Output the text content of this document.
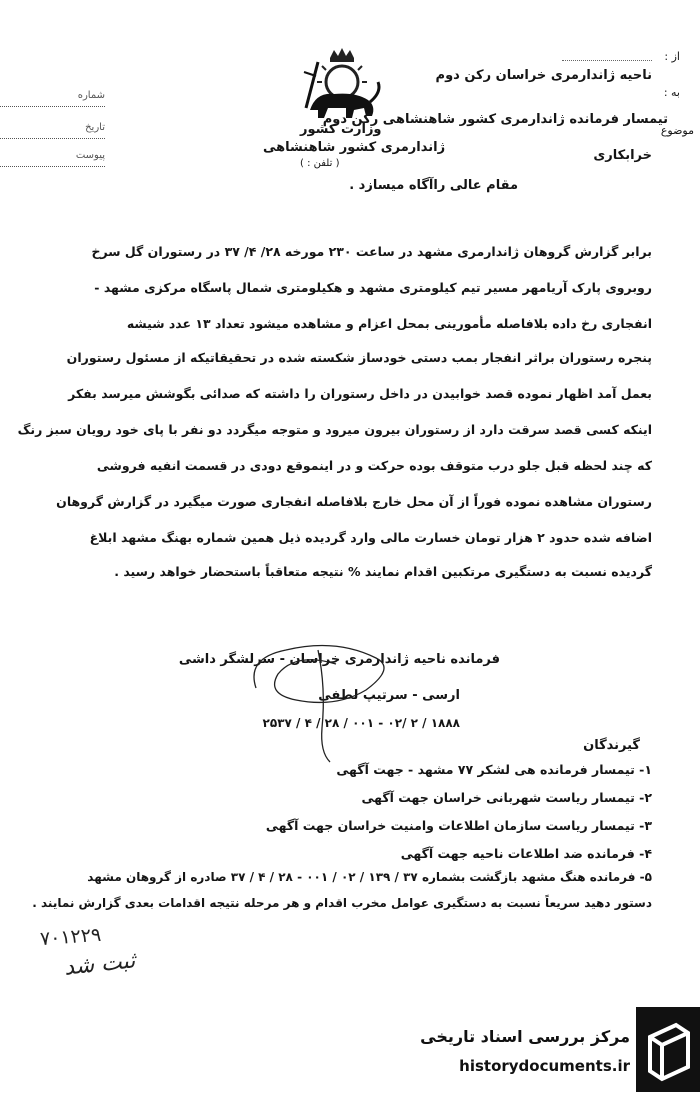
شماره
تاریخ
پیوست
وزارت کشور
ژاندارمری کشور شاهنشاهی
( تلفن : )
از :
ناحیه ژاندارمری خراسان رکن دوم
به :
تیمسار فرمانده ژاندارمری کشور شاهنشاهی رکن دوم
موضوع
خرابکاری
مقام عالی راآگاه میسازد .
برابر گزارش گروهان ژاندارمری مشهد در ساعت ۲۳۰ مورخه ۲۸/ ۴/ ۳۷ در رستوران گل سرخ
روبروی پارک آریامهر مسیر تیم کیلومتری مشهد و هکیلومتری شمال پاسگاه مرکزی مشهد -
انفجاری رخ داده بلافاصله مأمورینی بمحل اعزام و مشاهده میشود تعداد ۱۳ عدد شیشه
پنجره رستوران براثر انفجار بمب دستی خودساز شکسته شده در تحقیقاتیکه از مسئول رستوران
بعمل آمد اظهار نموده قصد خوابیدن در داخل رستوران را داشته که صدائی بگوشش میرسد بفکر
اینکه کسی قصد سرقت دارد از رستوران بیرون میرود و متوجه میگردد دو نفر با پای خود رویان سبز رنگ
که چند لحظه قبل جلو درب متوقف بوده حرکت و در اینموقع دودی در قسمت انفیه فروشی
رستوران مشاهده نموده فوراً از آن محل خارج بلافاصله انفجاری صورت میگیرد در گزارش گروهان
اضافه شده حدود ۲ هزار تومان خسارت مالی وارد گردیده ذیل همین شماره بهنگ مشهد ابلاغ
گردیده نسبت به دستگیری مرتکبین اقدام نمایند % نتیجه متعاقباً باستحضار خواهد رسید .
فرمانده ناحیه ژاندارمری خراسان - سرلشگر داشی
ارسی - سرتیپ لطفی
۱۸۸۸ / ۲ /۰۲ - ۰۰۱ / ۲۸ / ۴ / ۲۵۳۷
گیرندگان
۱- تیمسار فرمانده هی لشکر ۷۷ مشهد - جهت آگهی
۲- تیمسار ریاست شهربانی خراسان جهت آگهی
۳- تیمسار ریاست سازمان اطلاعات وامنیت خراسان جهت آگهی
۴- فرمانده ضد اطلاعات ناحیه جهت آگهی
۵- فرمانده هنگ مشهد بازگشت بشماره ۳۷ / ۱۳۹ / ۰۲ / ۰۰۱ - ۲۸ / ۴ / ۳۷ صادره از گروهان مشهد
دستور دهید سریعاً نسبت به دستگیری عوامل مخرب اقدام و هر مرحله نتیجه اقدامات بعدی گزارش نمایند .
۷۰۱۲۲۹
ثبت شد
مرکز بررسی اسناد تاریخی
historydocuments.ir
